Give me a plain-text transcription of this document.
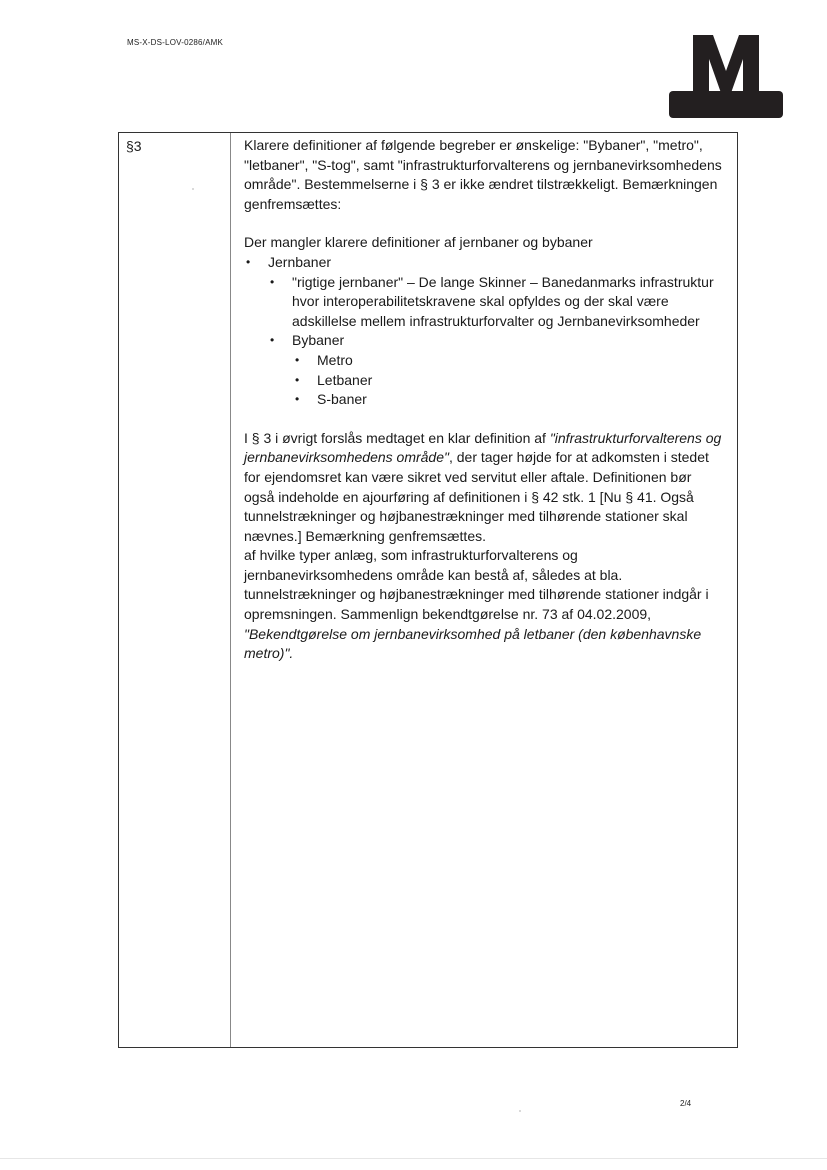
MS-X-DS-LOV-0286/AMK
§3	Klarere definitioner af følgende begreber er ønskelige: "Bybaner", "metro", "letbaner", "S-tog", samt "infrastrukturforvalterens og jernbanevirksomhedens område". Bestemmelserne i § 3 er ikke ændret tilstrækkeligt. Bemærkningen genfremsættes:

Der mangler klarere definitioner af jernbaner og bybaner

• Jernbaner
• "rigtige jernbaner" – De lange Skinner – Banedanmarks infrastruktur hvor interoperabilitetskravene skal opfyldes og der skal være adskillelse mellem infrastrukturforvalter og Jernbanevirksomheder
• Bybaner
• Metro
• Letbaner
• S-baner

I § 3 i øvrigt forslås medtaget en klar definition af "infrastrukturforvalterens og jernbanevirksomhedens område", der tager højde for at adkomsten i stedet for ejendomsret kan være sikret ved servitut eller aftale. Definitionen bør også indeholde en ajourføring af definitionen i § 42 stk. 1 [Nu § 41. Også tunnelstrækninger og højbanestrækninger med tilhørende stationer skal nævnes.] Bemærkning genfremsættes.

af hvilke typer anlæg, som infrastrukturforvalterens og jernbanevirksomhedens område kan bestå af, således at bla. tunnelstrækninger og højbanestrækninger med tilhørende stationer indgår i opremsningen. Sammenlign bekendtgørelse nr. 73 af 04.02.2009, "Bekendtgørelse om jernbanevirksomhed på letbaner (den københavnske metro)".

2/4
